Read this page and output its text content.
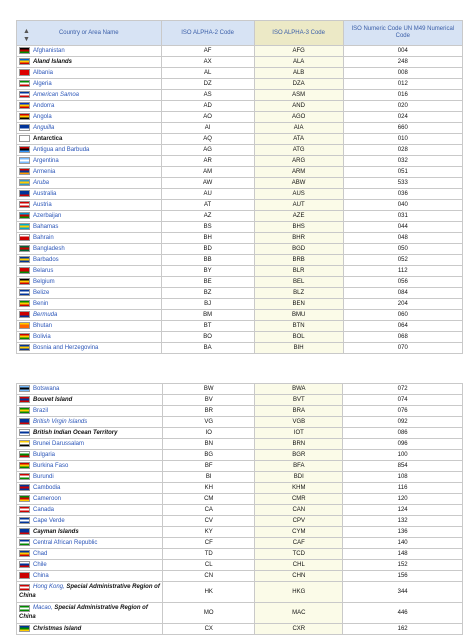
▲
▼
Country or Area Name	ISO ALPHA-2 Code	ISO ALPHA-3 Code	ISO Numeric Code UN M49 Numerical Code
Afghanistan	AF	AFG	004
Aland Islands	AX	ALA	248
Albania	AL	ALB	008
Algeria	DZ	DZA	012
American Samoa	AS	ASM	016
Andorra	AD	AND	020
Angola	AO	AGO	024
Anguilla	AI	AIA	660
Antarctica	AQ	ATA	010
Antigua and Barbuda	AG	ATG	028
Argentina	AR	ARG	032
Armenia	AM	ARM	051
Aruba	AW	ABW	533
Australia	AU	AUS	036
Austria	AT	AUT	040
Azerbaijan	AZ	AZE	031
Bahamas	BS	BHS	044
Bahrain	BH	BHR	048
Bangladesh	BD	BGD	050
Barbados	BB	BRB	052
Belarus	BY	BLR	112
Belgium	BE	BEL	056
Belize	BZ	BLZ	084
Benin	BJ	BEN	204
Bermuda	BM	BMU	060
Bhutan	BT	BTN	064
Bolivia	BO	BOL	068
Bosnia and Herzegovina	BA	BIH	070
Botswana	BW	BWA	072
Bouvet Island	BV	BVT	074
Brazil	BR	BRA	076
British Virgin Islands	VG	VGB	092
British Indian Ocean Territory	IO	IOT	086
Brunei Darussalam	BN	BRN	096
Bulgaria	BG	BGR	100
Burkina Faso	BF	BFA	854
Burundi	BI	BDI	108
Cambodia	KH	KHM	116
Cameroon	CM	CMR	120
Canada	CA	CAN	124
Cape Verde	CV	CPV	132
Cayman Islands	KY	CYM	136
Central African Republic	CF	CAF	140
Chad	TD	TCD	148
Chile	CL	CHL	152
China	CN	CHN	156
Hong Kong, Special Administrative Region of China	HK	HKG	344
Macao, Special Administrative Region of China	MO	MAC	446
Christmas Island	CX	CXR	162
